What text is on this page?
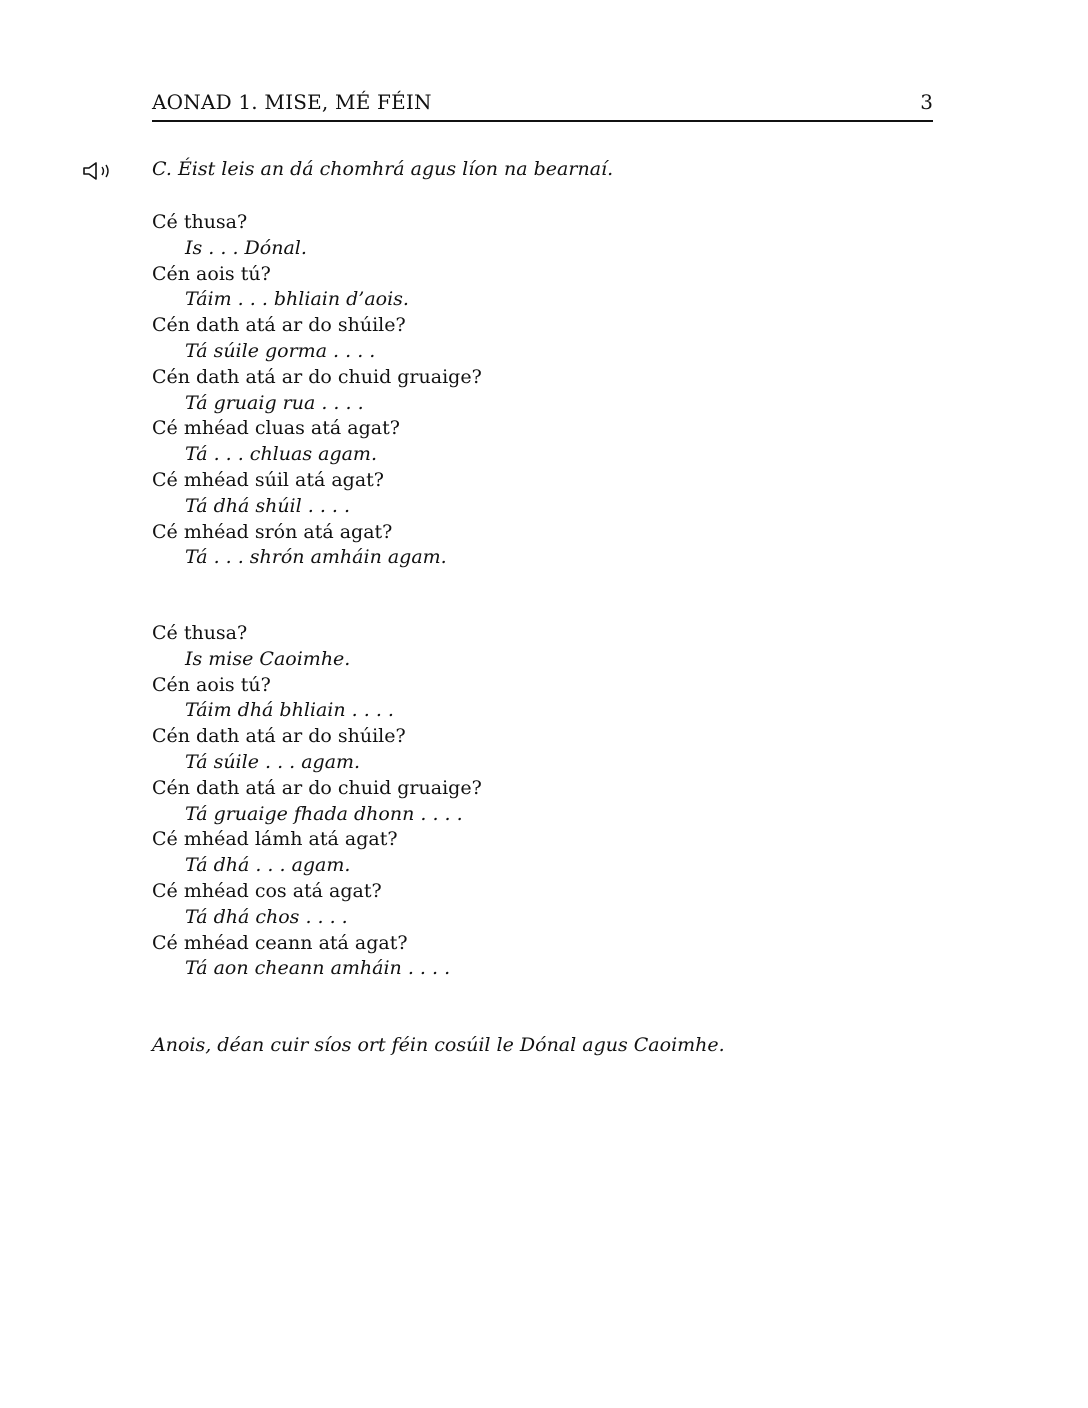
AONAD 1. MISE, MÉ FÉIN	3
C. Éist leis an dá chomhrá agus líon na bearnaí.
Cé thusa?
Is . . . Dónal.
Cén aois tú?
Táim . . . bhliain d’aois.
Cén dath atá ar do shúile?
Tá súile gorma . . . .
Cén dath atá ar do chuid gruaige?
Tá gruaig rua . . . .
Cé mhéad cluas atá agat?
Tá . . . chluas agam.
Cé mhéad súil atá agat?
Tá dhá shúil . . . .
Cé mhéad srón atá agat?
Tá . . . shrón amháin agam.
Cé thusa?
Is mise Caoimhe.
Cén aois tú?
Táim dhá bhliain . . . .
Cén dath atá ar do shúile?
Tá súile . . . agam.
Cén dath atá ar do chuid gruaige?
Tá gruaige fhada dhonn . . . .
Cé mhéad lámh atá agat?
Tá dhá . . . agam.
Cé mhéad cos atá agat?
Tá dhá chos . . . .
Cé mhéad ceann atá agat?
Tá aon cheann amháin . . . .
Anois, déan cuir síos ort féin cosúil le Dónal agus Caoimhe.
